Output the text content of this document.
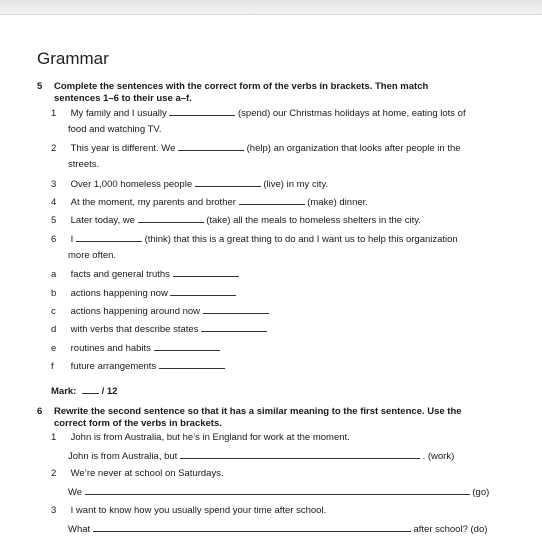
Grammar
5 Complete the sentences with the correct form of the verbs in brackets. Then match
sentences 1–6 to their use a–f.
1 My family and I usually	(spend) our Christmas holidays at home, eating lots of
food and watching TV.
2 This year is different. We	(help) an organization that looks after people in the
streets.
3 Over 1,000 homeless people	(live) in my city.
4 At the moment, my parents and brother	(make) dinner.
5 Later today, we	(take) all the meals to homeless shelters in the city.
6 I	(think) that this is a great thing to do and I want us to help this organization
more often.
a facts and general truths
b actions happening now
c actions happening around now
d with verbs that describe states
e routines and habits
f future arrangements
Mark:	/ 12
6 Rewrite the second sentence so that it has a similar meaning to the first sentence. Use the
correct form of the verbs in brackets.
1 John is from Australia, but he’s in England for work at the moment.
John is from Australia, but	. (work)
2 We’re never at school on Saturdays.
We	(go)
3 I want to know how you usually spend your time after school.
What	after school? (do)
